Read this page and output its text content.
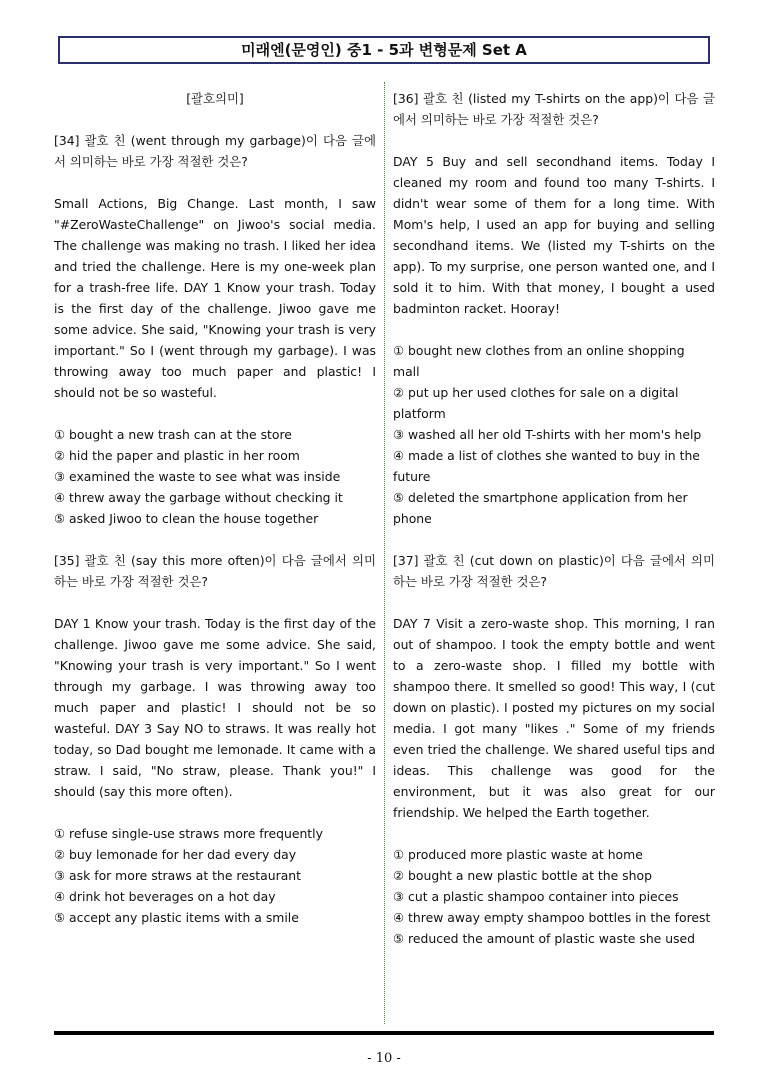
미래엔(문영인) 중1 - 5과 변형문제 Set A

[괄호의미]

[34] 괄호 친 (went through my garbage)이 다음 글에서 의미하는 바로 가장 적절한 것은?

Small Actions, Big Change. Last month, I saw "#ZeroWasteChallenge" on Jiwoo's social media. The challenge was making no trash. I liked her idea and tried the challenge. Here is my one-week plan for a trash-free life. DAY 1 Know your trash. Today is the first day of the challenge. Jiwoo gave me some advice. She said, "Knowing your trash is very important." So I (went through my garbage). I was throwing away too much paper and plastic! I should not be so wasteful.

① bought a new trash can at the store

② hid the paper and plastic in her room

③ examined the waste to see what was inside

④ threw away the garbage without checking it

⑤ asked Jiwoo to clean the house together

[35] 괄호 친 (say this more often)이 다음 글에서 의미하는 바로 가장 적절한 것은?

DAY 1 Know your trash. Today is the first day of the challenge. Jiwoo gave me some advice. She said, "Knowing your trash is very important." So I went through my garbage. I was throwing away too much paper and plastic! I should not be so wasteful. DAY 3 Say NO to straws. It was really hot today, so Dad bought me lemonade. It came with a straw. I said, "No straw, please. Thank you!" I should (say this more often).

① refuse single-use straws more frequently

② buy lemonade for her dad every day

③ ask for more straws at the restaurant

④ drink hot beverages on a hot day

⑤ accept any plastic items with a smile

[36] 괄호 친 (listed my T-shirts on the app)이 다음 글에서 의미하는 바로 가장 적절한 것은?

DAY 5 Buy and sell secondhand items. Today I cleaned my room and found too many T-shirts. I didn't wear some of them for a long time. With Mom's help, I used an app for buying and selling secondhand items. We (listed my T-shirts on the app). To my surprise, one person wanted one, and I sold it to him. With that money, I bought a used badminton racket. Hooray!

① bought new clothes from an online shopping mall

② put up her used clothes for sale on a digital platform

③ washed all her old T-shirts with her mom's help

④ made a list of clothes she wanted to buy in the future

⑤ deleted the smartphone application from her phone

[37] 괄호 친 (cut down on plastic)이 다음 글에서 의미하는 바로 가장 적절한 것은?

DAY 7 Visit a zero-waste shop. This morning, I ran out of shampoo. I took the empty bottle and went to a zero-waste shop. I filled my bottle with shampoo there. It smelled so good! This way, I (cut down on plastic). I posted my pictures on my social media. I got many "likes ." Some of my friends even tried the challenge. We shared useful tips and ideas. This challenge was good for the environment, but it was also great for our friendship. We helped the Earth together.

① produced more plastic waste at home

② bought a new plastic bottle at the shop

③ cut a plastic shampoo container into pieces

④ threw away empty shampoo bottles in the forest

⑤ reduced the amount of plastic waste she used

- 10 -
